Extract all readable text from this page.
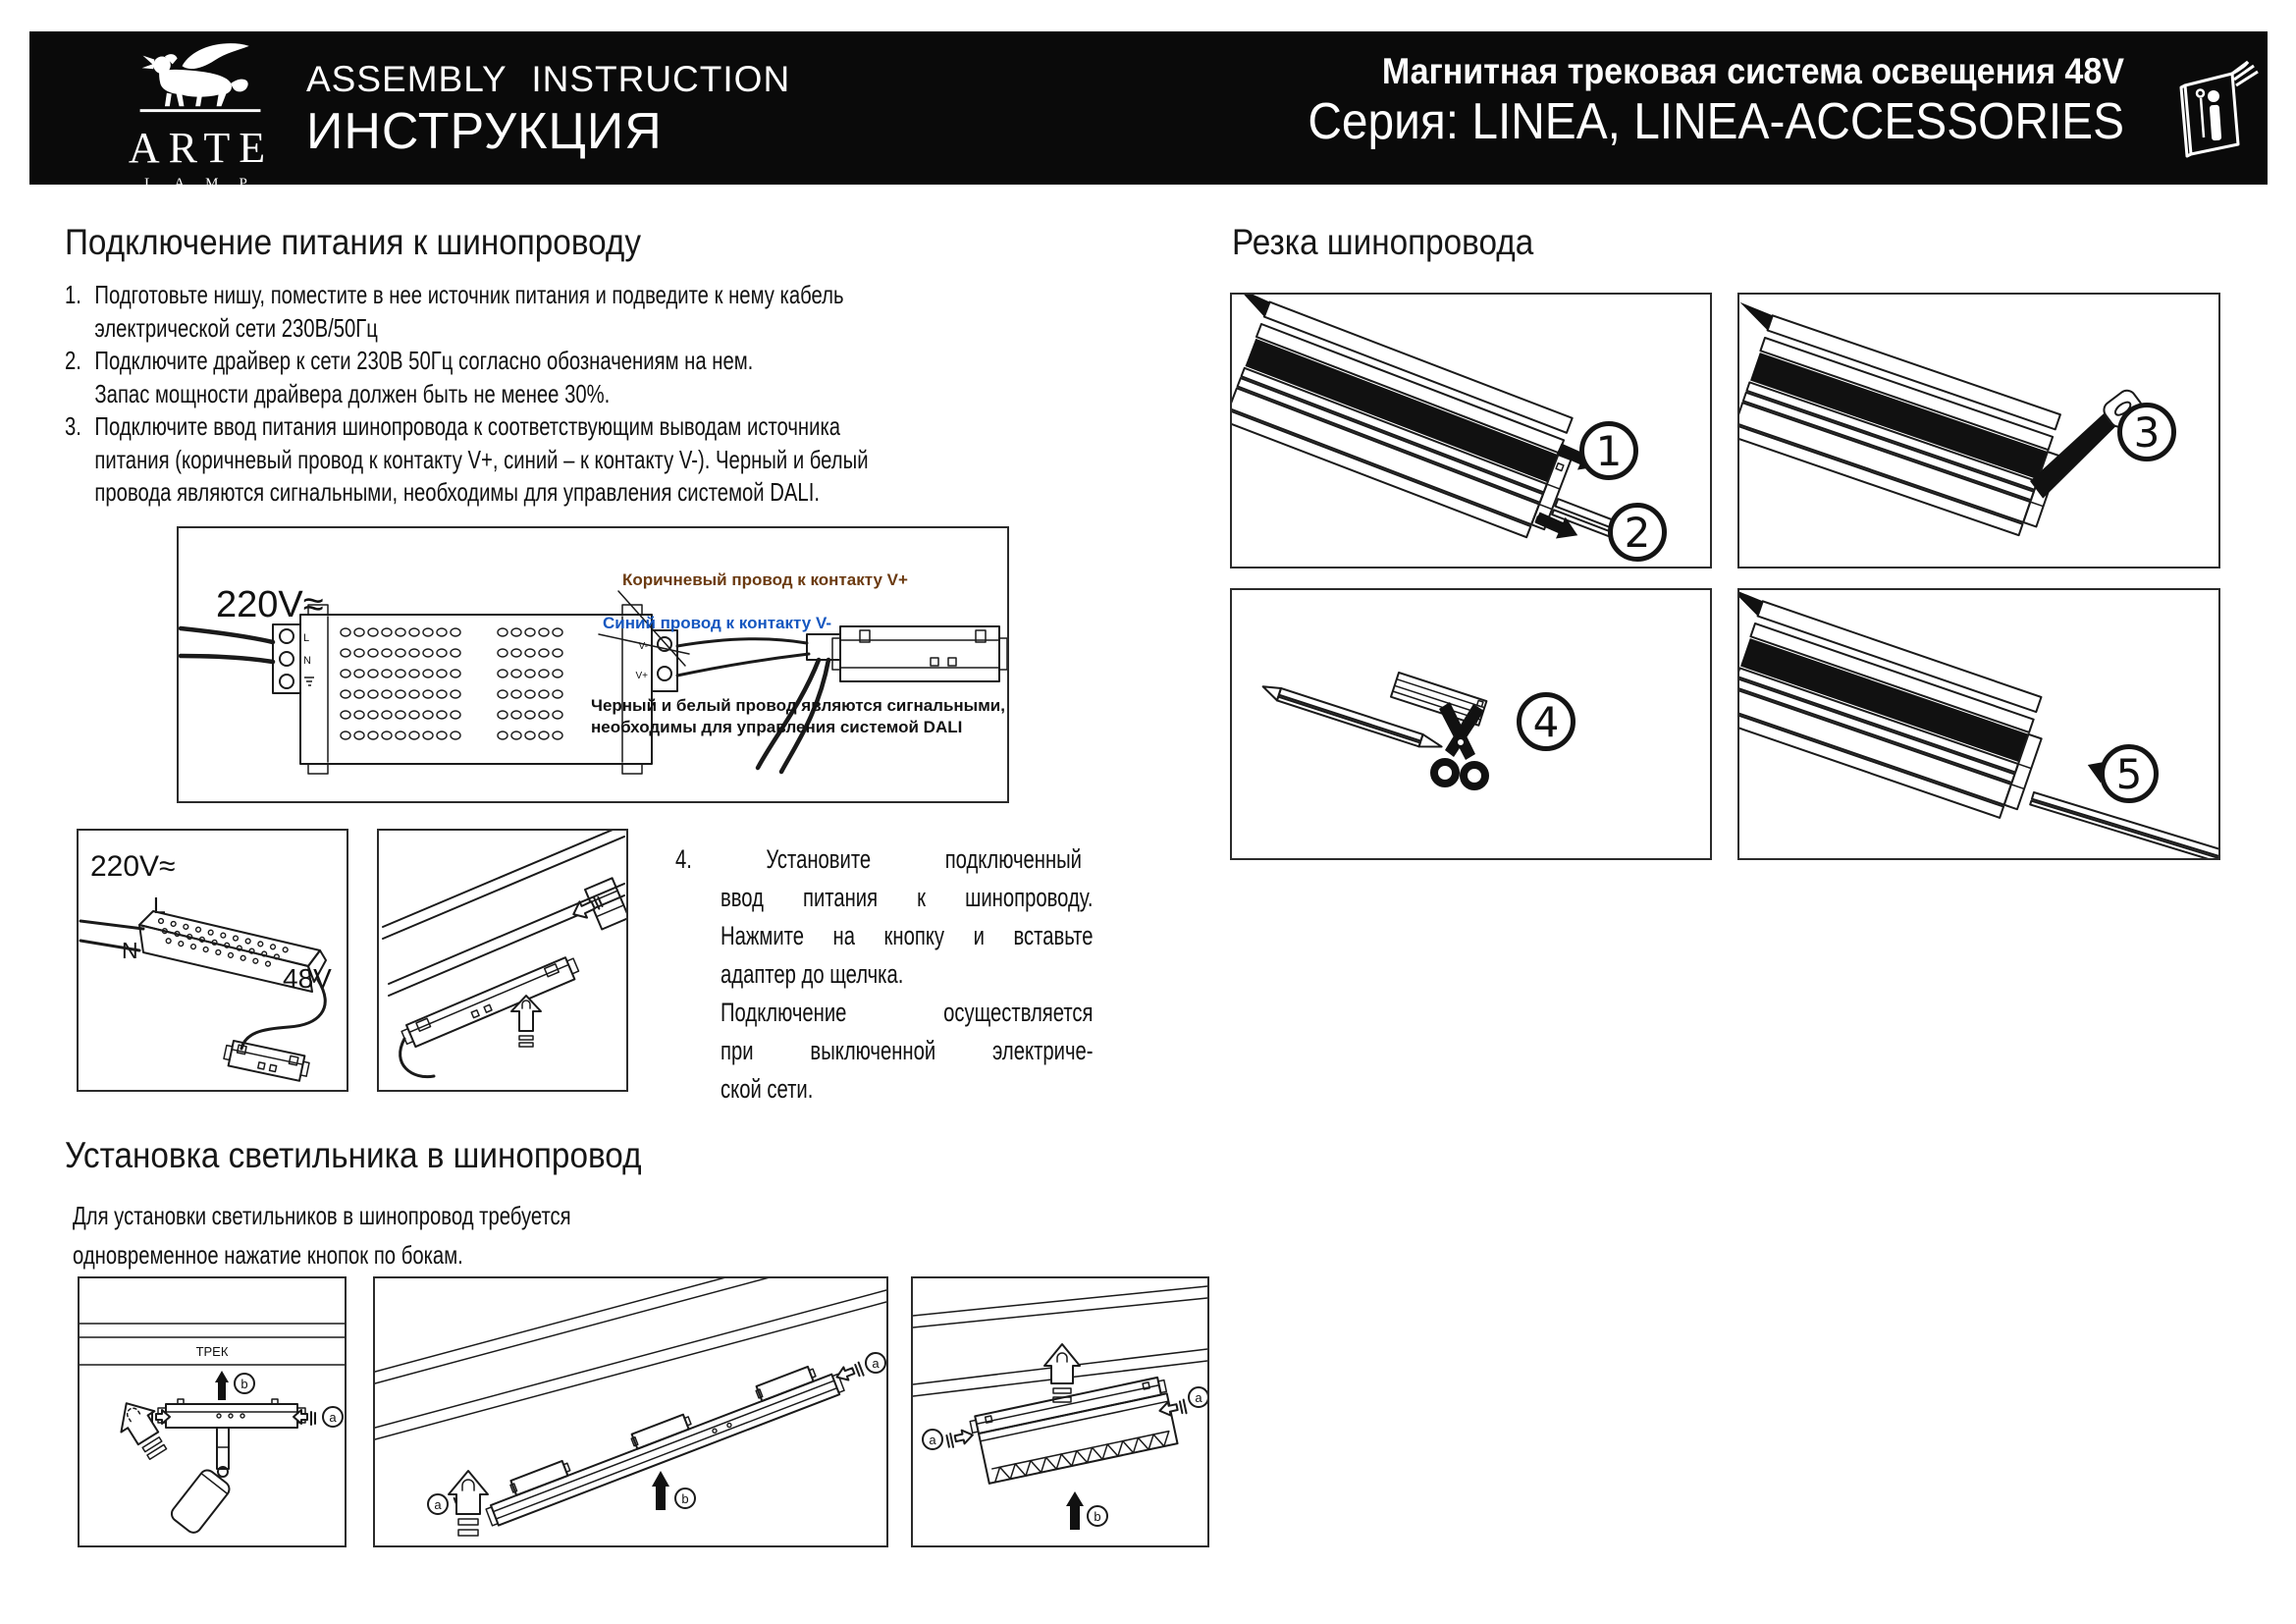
ARTE
LAMP
ASSEMBLY INSTRUCTION
ИНСТРУКЦИЯ
Магнитная трековая система освещения 48V
Серия: LINEA, LINEA-ACCESSORIES
Подключение питания к шинопроводу
1. Подготовьте нишу, поместите в нее источник питания и подведите к нему кабель
электрической сети 230В/50Гц
2. Подключите драйвер к сети 230В 50Гц согласно обозначениям на нем.
Запас мощности драйвера должен быть не менее 30%.
3. Подключите ввод питания шинопровода к соответствующим выводам источника
питания (коричневый провод к контакту V+, синий – к контакту V-). Черный и белый
провода являются сигнальными, необходимы для управления системой DALI.
220V≈
L
N
V-
V+
Коричневый провод к контакту V+
Синий провод к контакту V-
Черный и белый провод являются сигнальными,
необходимы для управления системой DALI
220V≈
L
N
48V
4. Установите подключенный
ввод питания к шинопроводу.
Нажмите на кнопку и вставьте
адаптер до щелчка.
Подключение осуществляется
при выключенной электриче-
ской сети.
Резка шинопровода
1
2
3
4
5
Установка светильника в шинопровод
Для установки светильников в шинопровод требуется
одновременное нажатие кнопок по бокам.
ТРЕК
a
b
a
a
b
a
a
b
